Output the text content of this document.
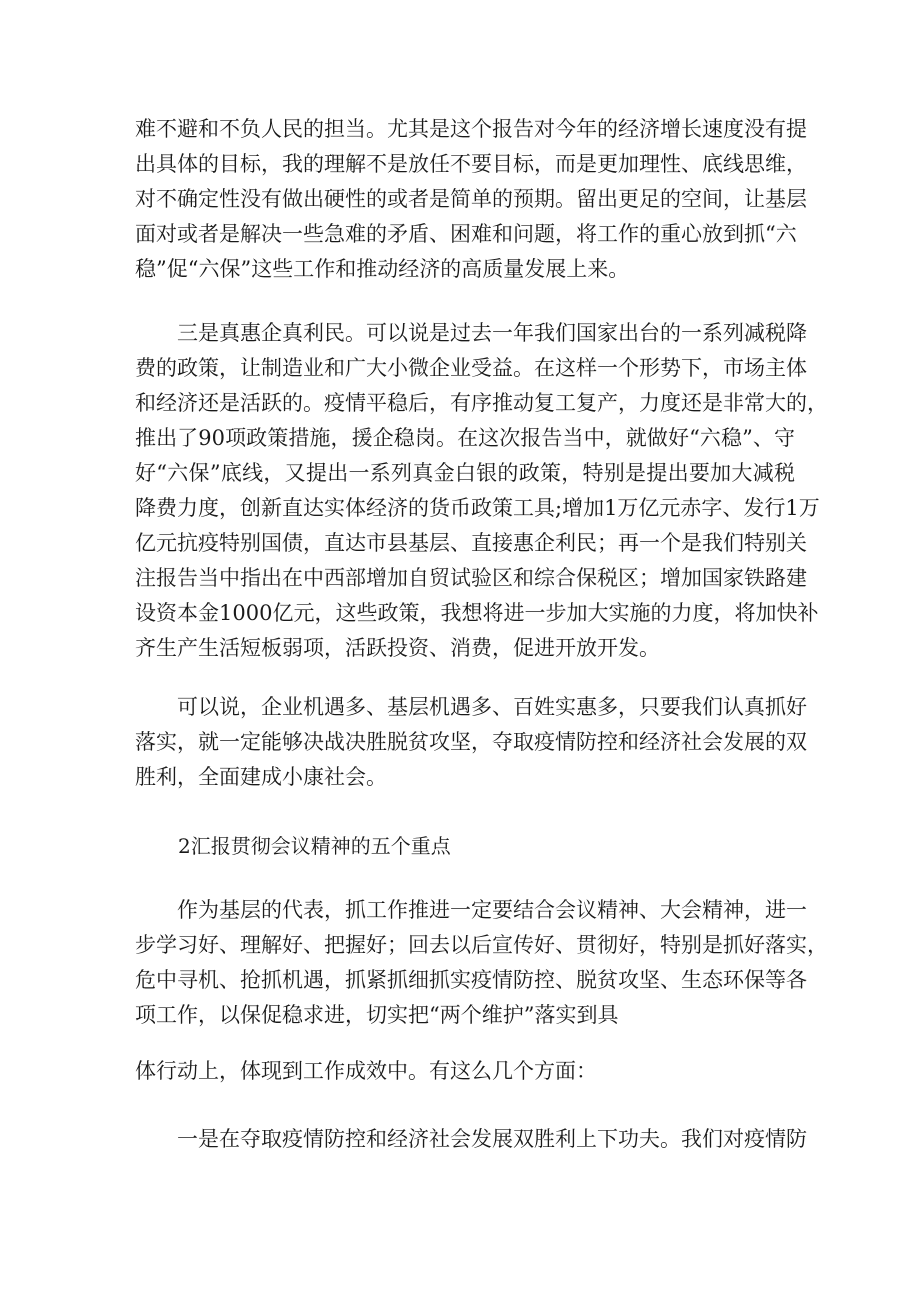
难不避和不负人民的担当。尤其是这个报告对今年的经济增长速度没有提
出具体的目标，我的理解不是放任不要目标，而是更加理性、底线思维，
对不确定性没有做出硬性的或者是简单的预期。留出更足的空间，让基层
面对或者是解决一些急难的矛盾、困难和问题，将工作的重心放到抓“六
稳”促“六保”这些工作和推动经济的高质量发展上来。
　　三是真惠企真利民。可以说是过去一年我们国家出台的一系列减税降
费的政策，让制造业和广大小微企业受益。在这样一个形势下，市场主体
和经济还是活跃的。疫情平稳后，有序推动复工复产，力度还是非常大的，
推出了90项政策措施，援企稳岗。在这次报告当中，就做好“六稳”、守
好“六保”底线，又提出一系列真金白银的政策，特别是提出要加大减税
降费力度，创新直达实体经济的货币政策工具;增加1万亿元赤字、发行1万
亿元抗疫特别国债，直达市县基层、直接惠企利民；再一个是我们特别关
注报告当中指出在中西部增加自贸试验区和综合保税区；增加国家铁路建
设资本金1000亿元，这些政策，我想将进一步加大实施的力度，将加快补
齐生产生活短板弱项，活跃投资、消费，促进开放开发。
　　可以说，企业机遇多、基层机遇多、百姓实惠多，只要我们认真抓好
落实，就一定能够决战决胜脱贫攻坚，夺取疫情防控和经济社会发展的双
胜利，全面建成小康社会。
2汇报贯彻会议精神的五个重点
　　作为基层的代表，抓工作推进一定要结合会议精神、大会精神，进一
步学习好、理解好、把握好；回去以后宣传好、贯彻好，特别是抓好落实，
危中寻机、抢抓机遇，抓紧抓细抓实疫情防控、脱贫攻坚、生态环保等各
项工作，以保促稳求进，切实把“两个维护”落实到具
体行动上，体现到工作成效中。有这么几个方面：
　　一是在夺取疫情防控和经济社会发展双胜利上下功夫。我们对疫情防
